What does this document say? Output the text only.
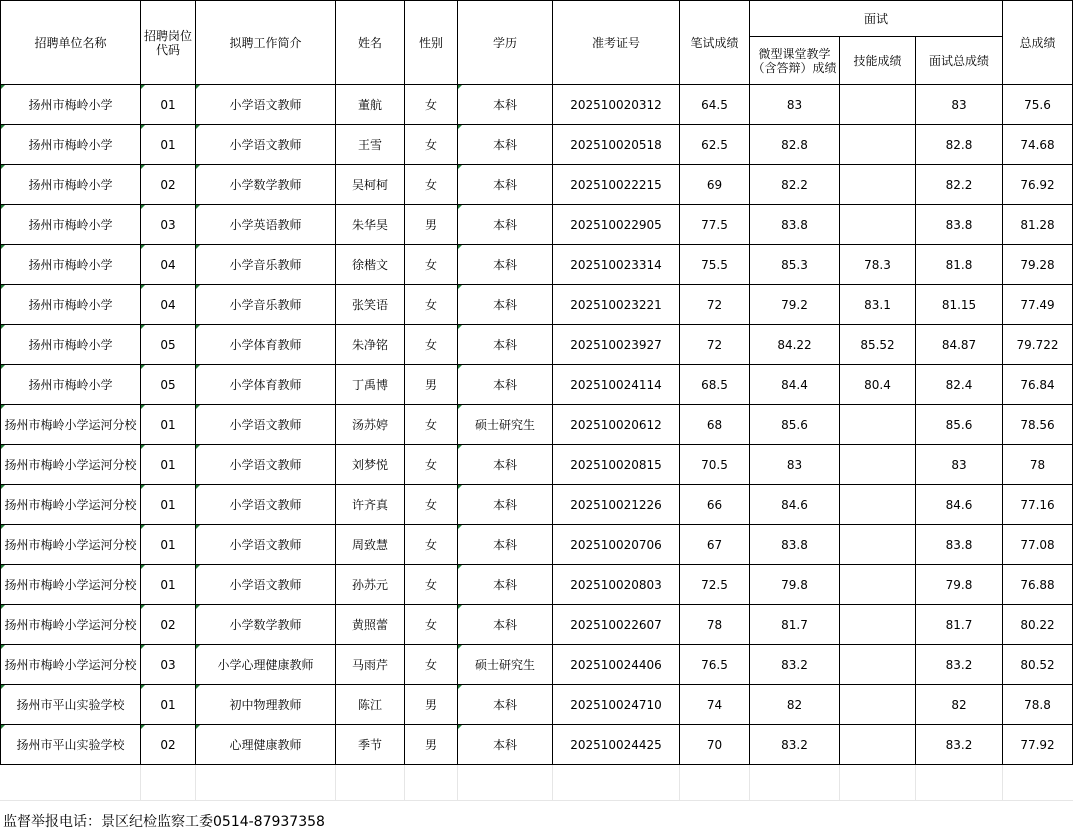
招聘单位名称	招聘岗位代码	拟聘工作简介	姓名	性别	学历	准考证号	笔试成绩	面试			总成绩
								微型课堂教学（含答辩）成绩	技能成绩	面试总成绩	
扬州市梅岭小学	01	小学语文教师	董航	女	本科	202510020312	64.5	83		83	75.6
扬州市梅岭小学	01	小学语文教师	王雪	女	本科	202510020518	62.5	82.8		82.8	74.68
扬州市梅岭小学	02	小学数学教师	吴柯柯	女	本科	202510022215	69	82.2		82.2	76.92
扬州市梅岭小学	03	小学英语教师	朱华昊	男	本科	202510022905	77.5	83.8		83.8	81.28
扬州市梅岭小学	04	小学音乐教师	徐楷文	女	本科	202510023314	75.5	85.3	78.3	81.8	79.28
扬州市梅岭小学	04	小学音乐教师	张笑语	女	本科	202510023221	72	79.2	83.1	81.15	77.49
扬州市梅岭小学	05	小学体育教师	朱净铭	女	本科	202510023927	72	84.22	85.52	84.87	79.722
扬州市梅岭小学	05	小学体育教师	丁禹博	男	本科	202510024114	68.5	84.4	80.4	82.4	76.84
扬州市梅岭小学运河分校	01	小学语文教师	汤苏婷	女	硕士研究生	202510020612	68	85.6		85.6	78.56
扬州市梅岭小学运河分校	01	小学语文教师	刘梦悦	女	本科	202510020815	70.5	83		83	78
扬州市梅岭小学运河分校	01	小学语文教师	许齐真	女	本科	202510021226	66	84.6		84.6	77.16
扬州市梅岭小学运河分校	01	小学语文教师	周致慧	女	本科	202510020706	67	83.8		83.8	77.08
扬州市梅岭小学运河分校	01	小学语文教师	孙苏元	女	本科	202510020803	72.5	79.8		79.8	76.88
扬州市梅岭小学运河分校	02	小学数学教师	黄照蕾	女	本科	202510022607	78	81.7		81.7	80.22
扬州市梅岭小学运河分校	03	小学心理健康教师	马雨芹	女	硕士研究生	202510024406	76.5	83.2		83.2	80.52
扬州市平山实验学校	01	初中物理教师	陈江	男	本科	202510024710	74	82		82	78.8
扬州市平山实验学校	02	心理健康教师	季节	男	本科	202510024425	70	83.2		83.2	77.92
监督举报电话：景区纪检监察工委0514-87937358
